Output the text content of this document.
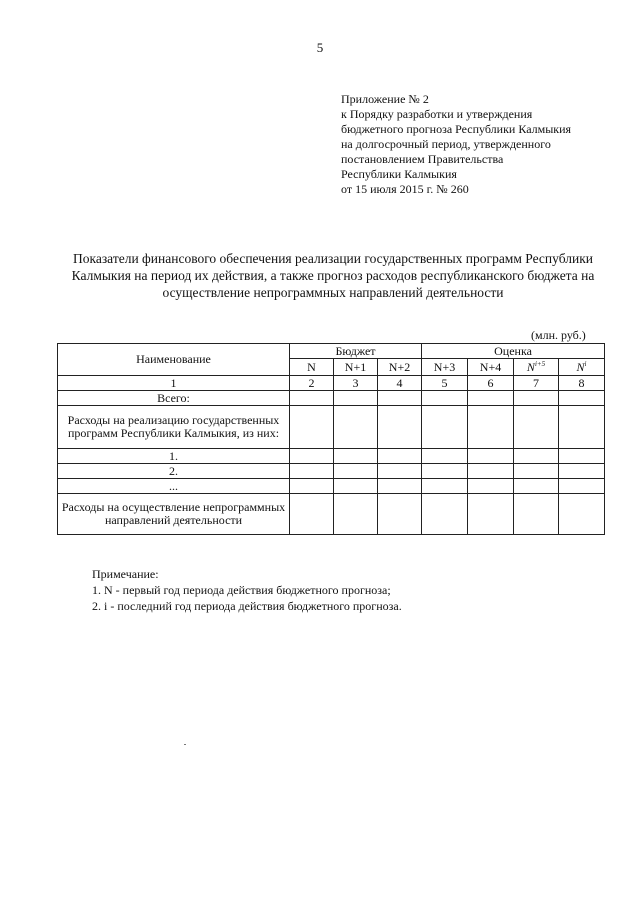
5
Приложение № 2
к Порядку разработки и утверждения
бюджетного прогноза Республики Калмыкия
на долгосрочный период, утвержденного
постановлением Правительства
Республики Калмыкия
от 15 июля 2015 г. № 260
Показатели финансового обеспечения реализации государственных программ Республики Калмыкия на период их действия, а также прогноз расходов республиканского бюджета на осуществление непрограммных направлений деятельности
(млн. руб.)
Наименование	Бюджет			Оценка			
	N	N+1	N+2	N+3	N+4	$N^{i+5}$	$N^i$
1	2	3	4	5	6	7	8
Всего:							
Расходы на реализацию государственных программ Республики Калмыкия, из них:							
1.							
2.							
...							
Расходы на осуществление непрограммных направлений деятельности							
Примечание:
1. N - первый год периода действия бюджетного прогноза;
2. i - последний год периода действия бюджетного прогноза.
